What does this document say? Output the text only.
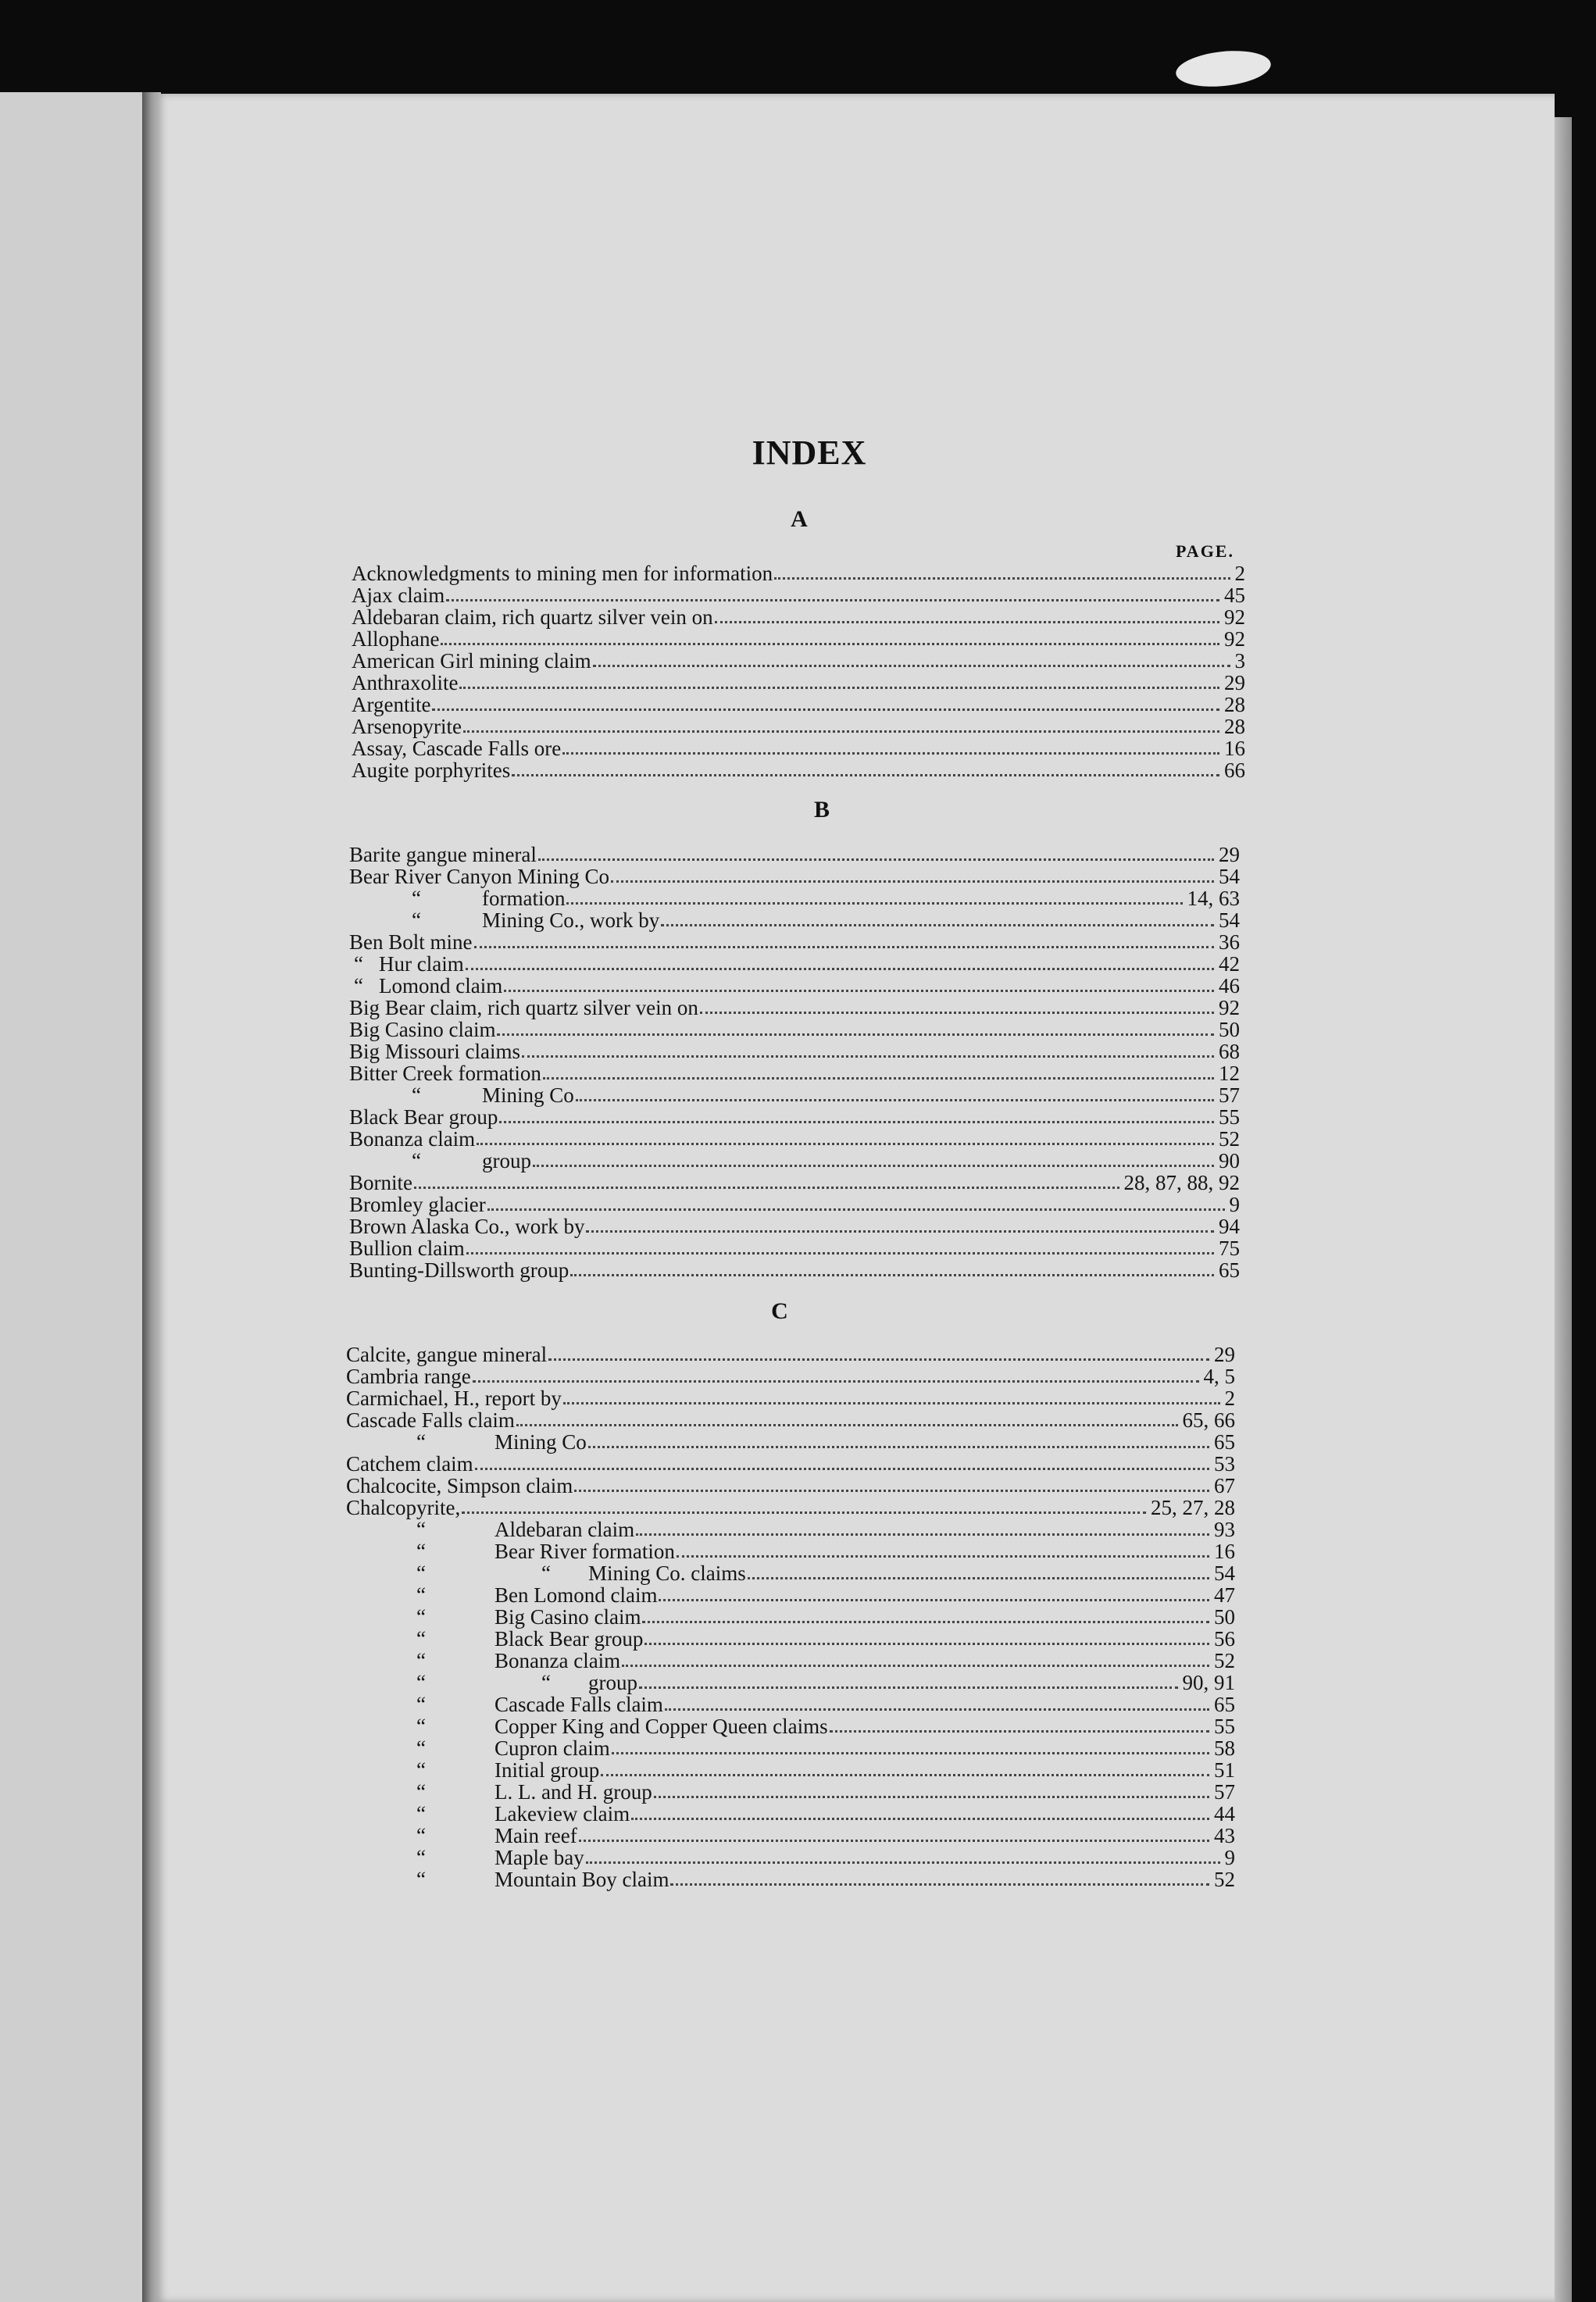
INDEX
PAGE.
A
Acknowledgments to mining men for information	2
Ajax claim	45
Aldebaran claim, rich quartz silver vein on	92
Allophane	92
American Girl mining claim	3
Anthraxolite	29
Argentite	28
Arsenopyrite	28
Assay, Cascade Falls ore	16
Augite porphyrites	66
B
Barite gangue mineral	29
Bear River Canyon Mining Co	54
“	formation	14, 63
“	Mining Co., work by	54
Ben Bolt mine	36
“ Hur claim	42
“ Lomond claim	46
Big Bear claim, rich quartz silver vein on	92
Big Casino claim	50
Big Missouri claims	68
Bitter Creek formation	12
“	Mining Co	57
Black Bear group	55
Bonanza claim	52
“	group	90
Bornite	28, 87, 88, 92
Bromley glacier	9
Brown Alaska Co., work by	94
Bullion claim	75
Bunting-Dillsworth group	65
C
Calcite, gangue mineral	29
Cambria range	4, 5
Carmichael, H., report by	2
Cascade Falls claim	65, 66
“	Mining Co	65
Catchem claim	53
Chalcocite, Simpson claim	67
Chalcopyrite,	25, 27, 28
“	Aldebaran claim	93
“	Bear River formation	16
“	“ Mining Co. claims	54
“	Ben Lomond claim	47
“	Big Casino claim	50
“	Black Bear group	56
“	Bonanza claim	52
“	“ group	90, 91
“	Cascade Falls claim	65
“	Copper King and Copper Queen claims	55
“	Cupron claim	58
“	Initial group	51
“	L. L. and H. group	57
“	Lakeview claim	44
“	Main reef	43
“	Maple bay	9
“	Mountain Boy claim	52
